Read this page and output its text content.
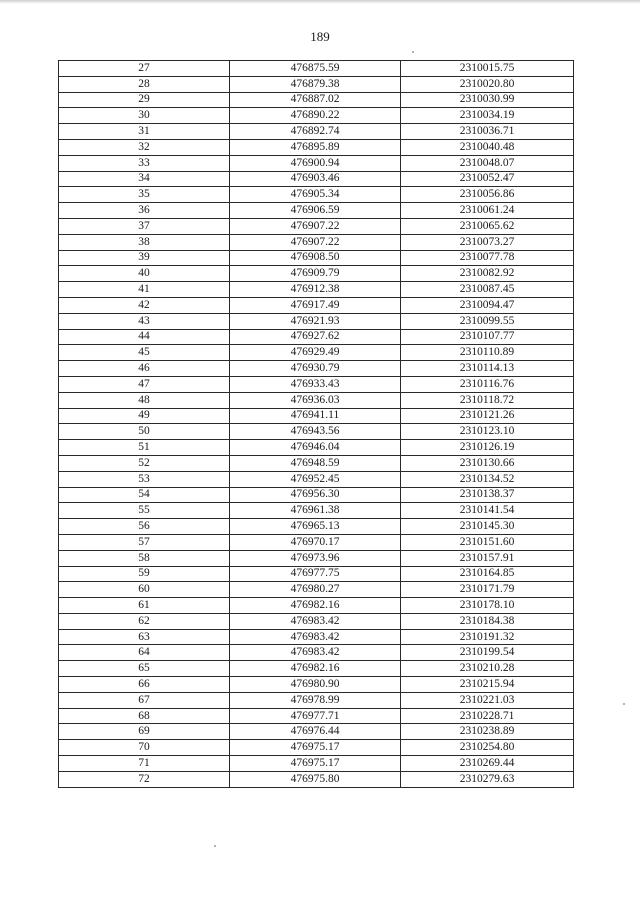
189
27	476875.59	2310015.75
28	476879.38	2310020.80
29	476887.02	2310030.99
30	476890.22	2310034.19
31	476892.74	2310036.71
32	476895.89	2310040.48
33	476900.94	2310048.07
34	476903.46	2310052.47
35	476905.34	2310056.86
36	476906.59	2310061.24
37	476907.22	2310065.62
38	476907.22	2310073.27
39	476908.50	2310077.78
40	476909.79	2310082.92
41	476912.38	2310087.45
42	476917.49	2310094.47
43	476921.93	2310099.55
44	476927.62	2310107.77
45	476929.49	2310110.89
46	476930.79	2310114.13
47	476933.43	2310116.76
48	476936.03	2310118.72
49	476941.11	2310121.26
50	476943.56	2310123.10
51	476946.04	2310126.19
52	476948.59	2310130.66
53	476952.45	2310134.52
54	476956.30	2310138.37
55	476961.38	2310141.54
56	476965.13	2310145.30
57	476970.17	2310151.60
58	476973.96	2310157.91
59	476977.75	2310164.85
60	476980.27	2310171.79
61	476982.16	2310178.10
62	476983.42	2310184.38
63	476983.42	2310191.32
64	476983.42	2310199.54
65	476982.16	2310210.28
66	476980.90	2310215.94
67	476978.99	2310221.03
68	476977.71	2310228.71
69	476976.44	2310238.89
70	476975.17	2310254.80
71	476975.17	2310269.44
72	476975.80	2310279.63
